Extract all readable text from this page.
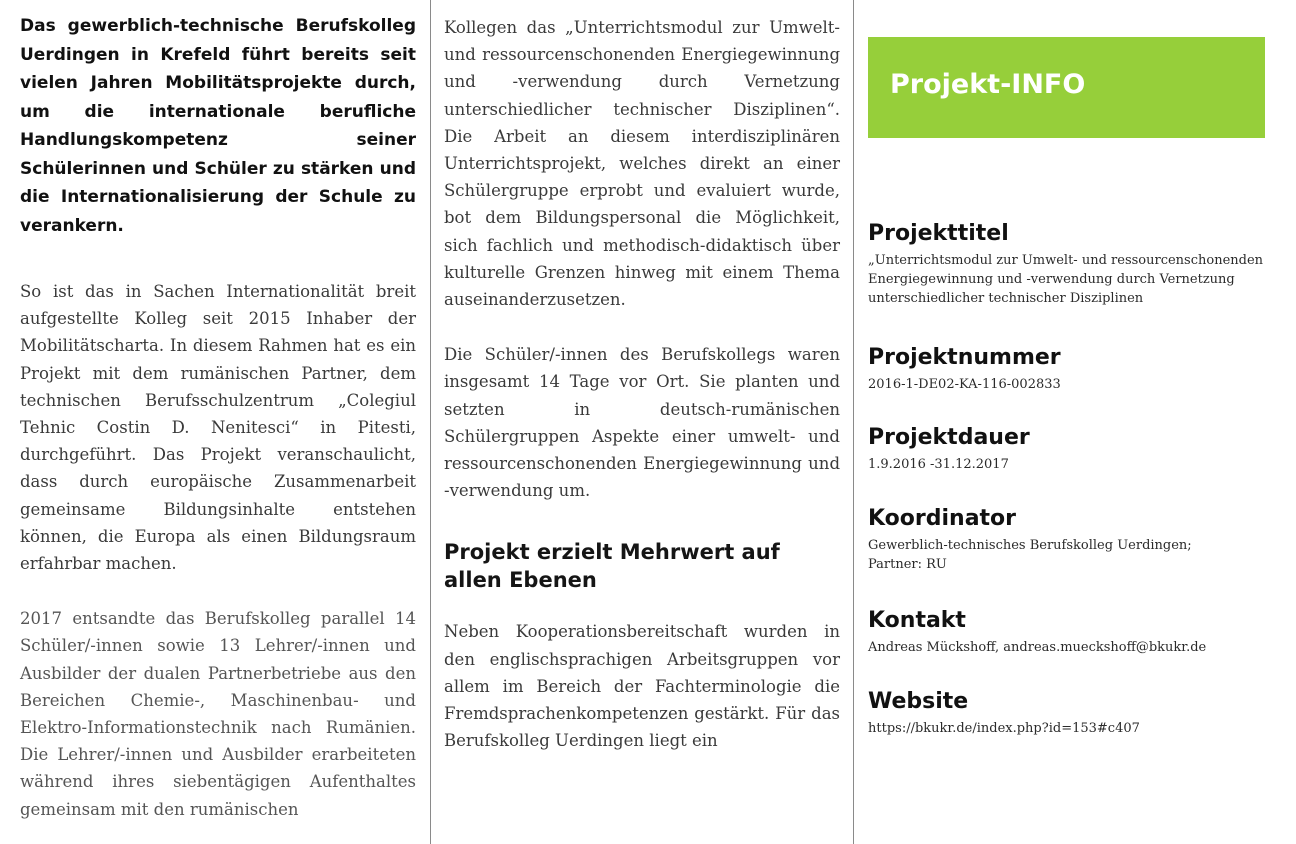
Das gewerblich-technische Berufskolleg Uerdingen in Krefeld führt bereits seit vielen Jahren Mobilitätsprojekte durch, um die internationale berufliche Handlungskompetenz seiner Schülerinnen und Schüler zu stärken und die Internationalisierung der Schule zu verankern.

So ist das in Sachen Internationalität breit aufgestellte Kolleg seit 2015 Inhaber der Mobilitätscharta. In diesem Rahmen hat es ein Projekt mit dem rumänischen Partner, dem technischen Berufsschulzentrum „Colegiul Tehnic Costin D. Nenitesci“ in Pitesti, durchgeführt. Das Projekt veranschaulicht, dass durch europäische Zusammenarbeit gemeinsame Bildungsinhalte entstehen können, die Europa als einen Bildungsraum erfahrbar machen.

2017 entsandte das Berufskolleg parallel 14 Schüler/-innen sowie 13 Lehrer/-innen und Ausbilder der dualen Partnerbetriebe aus den Bereichen Chemie-, Maschinenbau- und Elektro-Informationstechnik nach Rumänien. Die Lehrer/-innen und Ausbilder erarbeiteten während ihres siebentägigen Aufenthaltes gemeinsam mit den rumänischen

Kollegen das „Unterrichtsmodul zur Umwelt- und ressourcenschonenden Energiegewinnung und -verwendung durch Vernetzung unterschiedlicher technischer Disziplinen“. Die Arbeit an diesem interdisziplinären Unterrichtsprojekt, welches direkt an einer Schülergruppe erprobt und evaluiert wurde, bot dem Bildungspersonal die Möglichkeit, sich fachlich und methodisch-didaktisch über kulturelle Grenzen hinweg mit einem Thema auseinanderzusetzen.

Die Schüler/-innen des Berufskollegs waren insgesamt 14 Tage vor Ort. Sie planten und setzten in deutsch-rumänischen Schülergruppen Aspekte einer umwelt- und ressourcenschonenden Energiegewinnung und -verwendung um.

Projekt erzielt Mehrwert auf allen Ebenen

Neben Kooperationsbereitschaft wurden in den englischsprachigen Arbeitsgruppen vor allem im Bereich der Fachterminologie die Fremdsprachenkompetenzen gestärkt. Für das Berufskolleg Uerdingen liegt ein

Projekt-INFO
Projekttitel
„Unterrichtsmodul zur Umwelt- und ressourcenschonenden Energiegewinnung und -verwendung durch Vernetzung unterschiedlicher technischer Disziplinen
Projektnummer
2016-1-DE02-KA-116-002833
Projektdauer
1.9.2016 -31.12.2017
Koordinator
Gewerblich-technisches Berufskolleg Uerdingen;
Partner: RU
Kontakt
Andreas Mückshoff, andreas.mueckshoff@bkukr.de
Website
https://bkukr.de/index.php?id=153#c407
